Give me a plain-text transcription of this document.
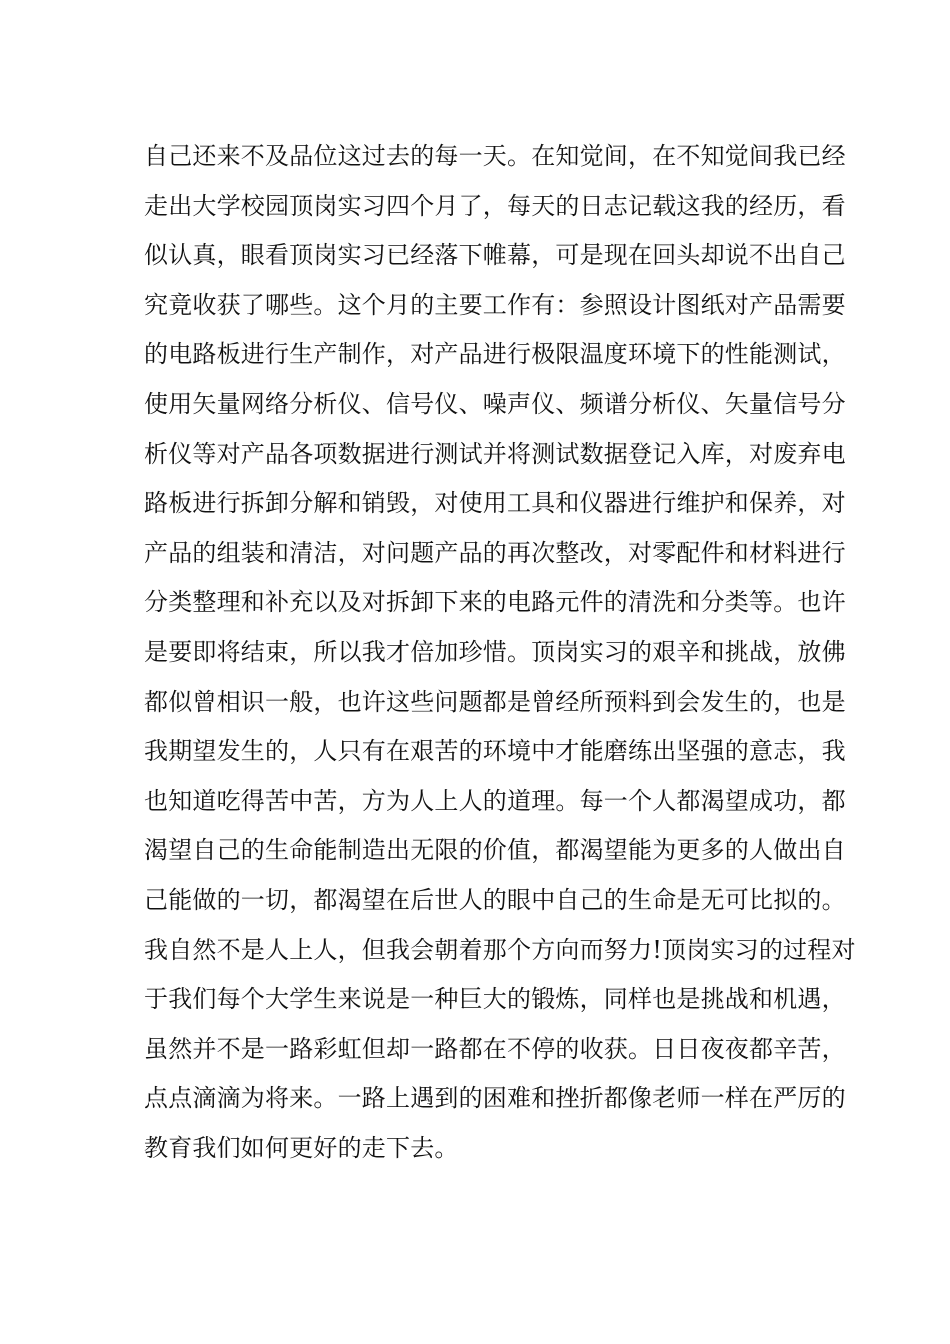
自己还来不及品位这过去的每一天。在知觉间，在不知觉间我已经
走出大学校园顶岗实习四个月了，每天的日志记载这我的经历，看
似认真，眼看顶岗实习已经落下帷幕，可是现在回头却说不出自己
究竟收获了哪些。这个月的主要工作有：参照设计图纸对产品需要
的电路板进行生产制作，对产品进行极限温度环境下的性能测试，
使用矢量网络分析仪、信号仪、噪声仪、频谱分析仪、矢量信号分
析仪等对产品各项数据进行测试并将测试数据登记入库，对废弃电
路板进行拆卸分解和销毁，对使用工具和仪器进行维护和保养，对
产品的组装和清洁，对问题产品的再次整改，对零配件和材料进行
分类整理和补充以及对拆卸下来的电路元件的清洗和分类等。也许
是要即将结束，所以我才倍加珍惜。顶岗实习的艰辛和挑战，放佛
都似曾相识一般，也许这些问题都是曾经所预料到会发生的，也是
我期望发生的，人只有在艰苦的环境中才能磨练出坚强的意志，我
也知道吃得苦中苦，方为人上人的道理。每一个人都渴望成功，都
渴望自己的生命能制造出无限的价值，都渴望能为更多的人做出自
己能做的一切，都渴望在后世人的眼中自己的生命是无可比拟的。
我自然不是人上人，但我会朝着那个方向而努力!顶岗实习的过程对
于我们每个大学生来说是一种巨大的锻炼，同样也是挑战和机遇，
虽然并不是一路彩虹但却一路都在不停的收获。日日夜夜都辛苦，
点点滴滴为将来。一路上遇到的困难和挫折都像老师一样在严厉的
教育我们如何更好的走下去。
